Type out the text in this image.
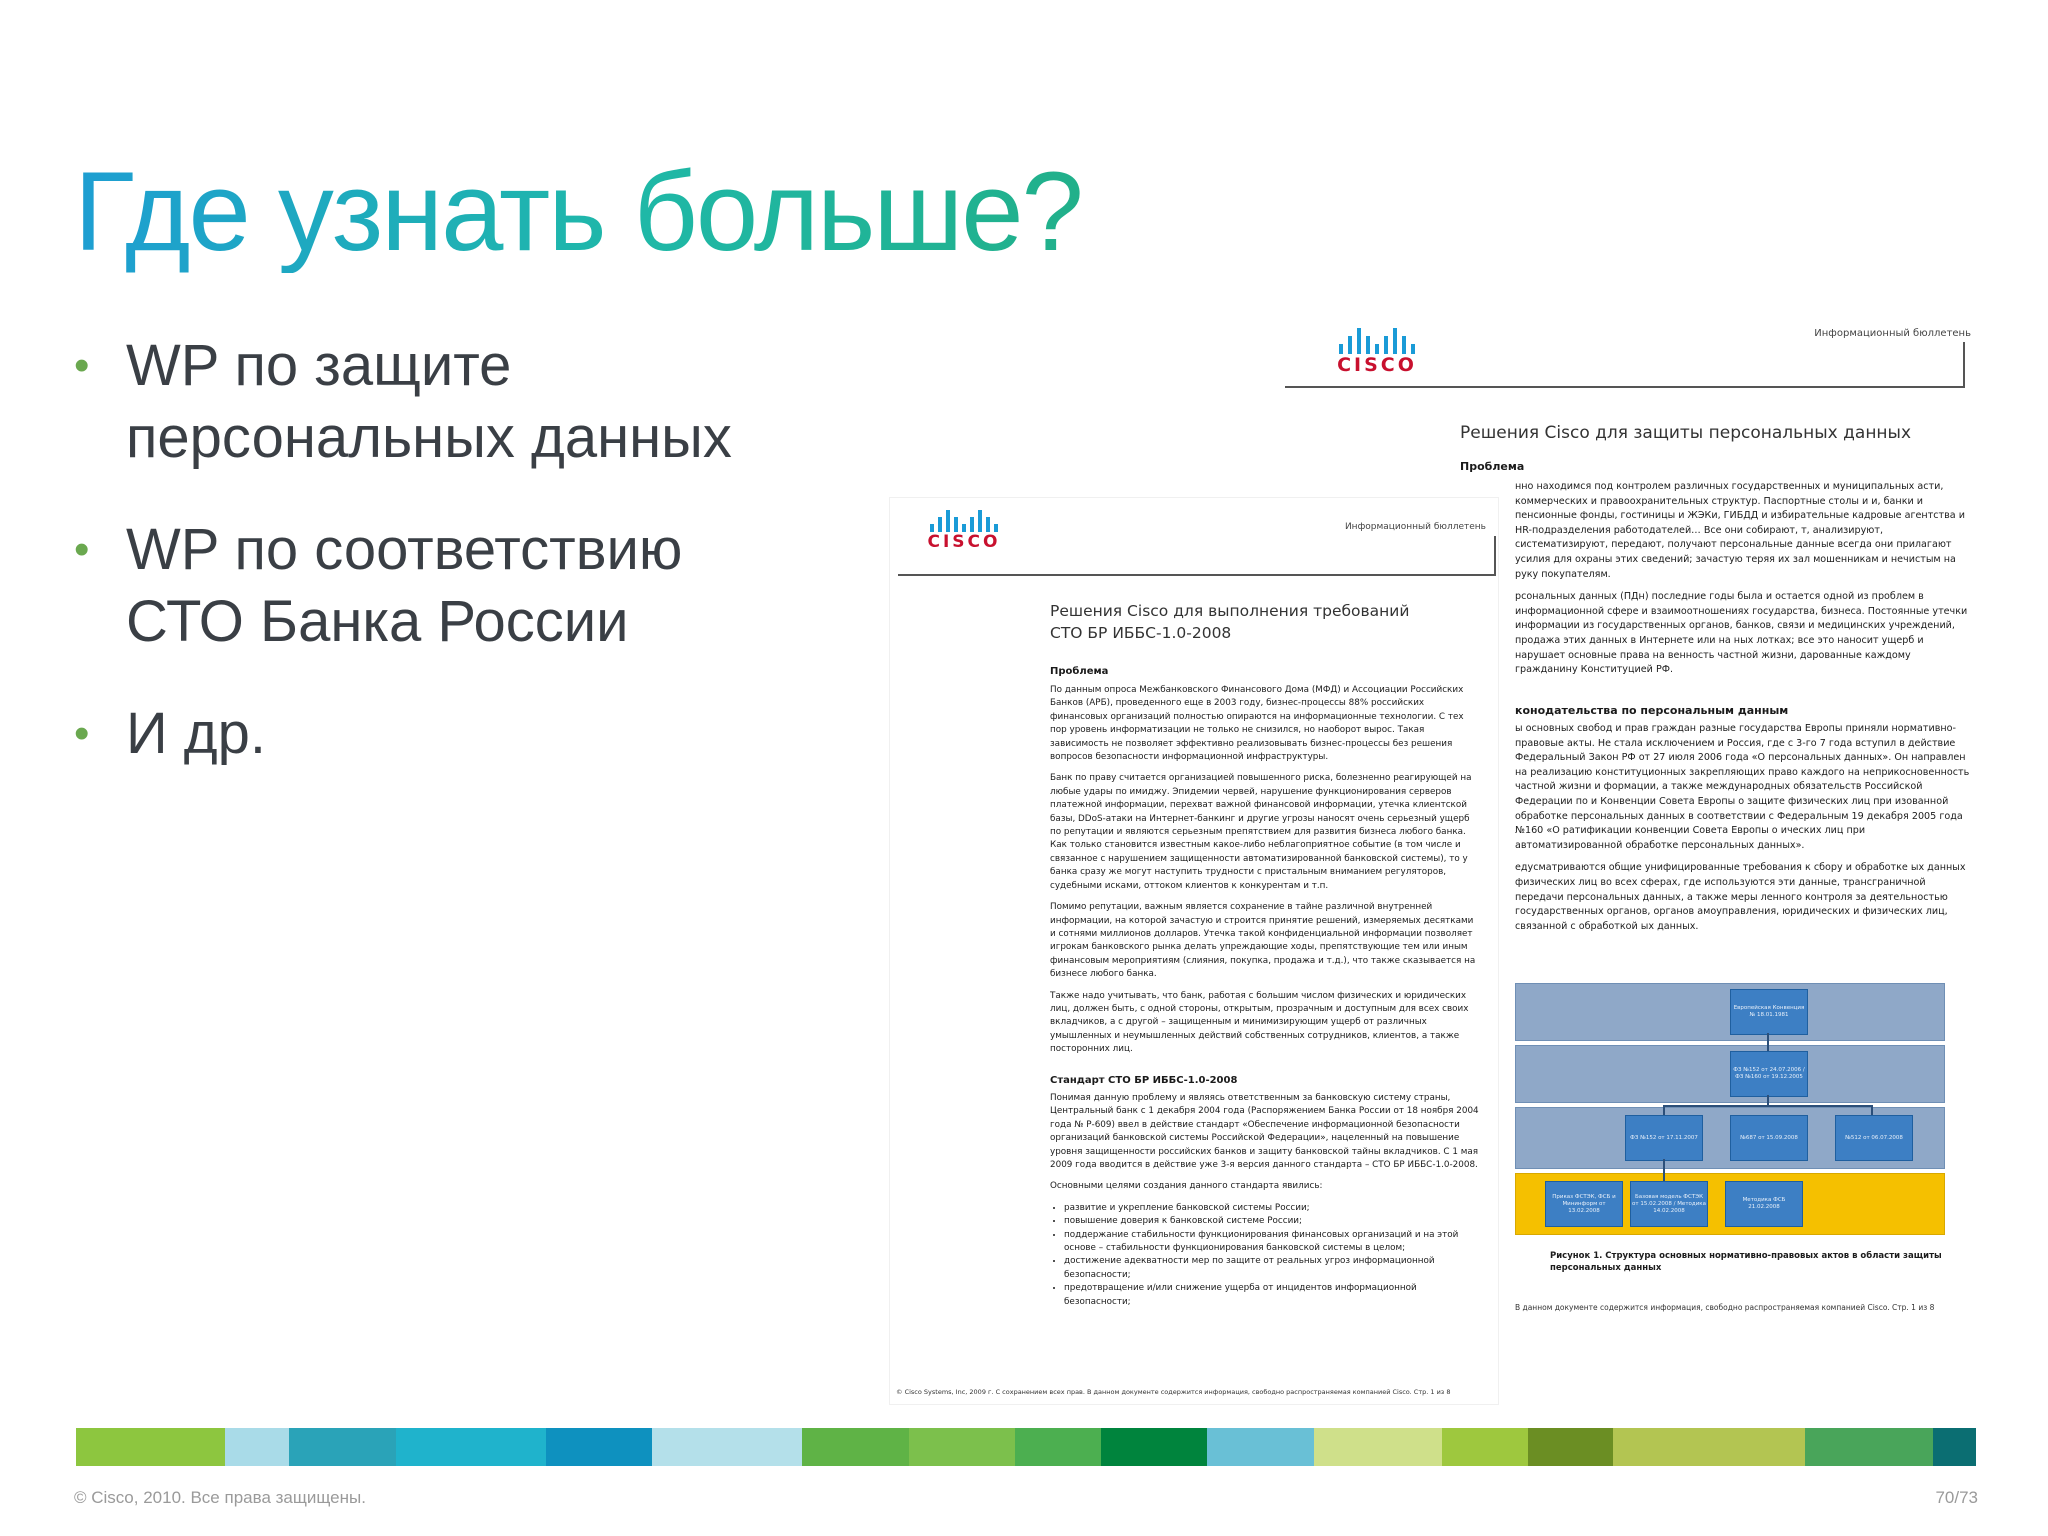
Где узнать больше?
• WP по защите
персональных данных
• WP по соответствию
СТО Банка России
• И др.
CISCO
Информационный бюллетень
Решения Cisco для защиты персональных данных
Проблема

нно находимся под контролем различных государственных и муниципальных асти, коммерческих и правоохранительных структур. Паспортные столы и и, банки и пенсионные фонды, гостиницы и ЖЭКи, ГИБДД и избирательные кадровые агентства и HR-подразделения работодателей… Все они собирают, т, анализируют, систематизируют, передают, получают персональные данные всегда они прилагают усилия для охраны этих сведений; зачастую теряя их зал мошенникам и нечистым на руку покупателям.

рсональных данных (ПДн) последние годы была и остается одной из проблем в информационной сфере и взаимоотношениях государства, бизнеса. Постоянные утечки информации из государственных органов, банков, связи и медицинских учреждений, продажа этих данных в Интернете или на ных лотках; все это наносит ущерб и нарушает основные права на венность частной жизни, дарованные каждому гражданину Конституцией РФ.

конодательства по персональным данным

ы основных свобод и прав граждан разные государства Европы приняли нормативно-правовые акты. Не стала исключением и Россия, где с 3-го 7 года вступил в действие Федеральный Закон РФ от 27 июля 2006 года «О персональных данных». Он направлен на реализацию конституционных закрепляющих право каждого на неприкосновенность частной жизни и формации, а также международных обязательств Российской Федерации по и Конвенции Совета Европы о защите физических лиц при изованной обработке персональных данных в соответствии с Федеральным 19 декабря 2005 года №160 «О ратификации конвенции Совета Европы о ических лиц при автоматизированной обработке персональных данных».

едусматриваются общие унифицированные требования к сбору и обработке ых данных физических лиц во всех сферах, где используются эти данные, трансграничной передачи персональных данных, а также меры ленного контроля за деятельностью государственных органов, органов амоуправления, юридических и физических лиц, связанной с обработкой ых данных.

Европейская Конвенция № 18.01.1981
ФЗ №152 от 24.07.2006 / ФЗ №160 от 19.12.2005
ФЗ №152 от 17.11.2007	№687 от 15.09.2008	№512 от 06.07.2008
Приказ ФСТЭК, ФСБ и Мининформ от 13.02.2008
Базовая модель ФСТЭК от 15.02.2008 / Методика 14.02.2008
Методика ФСБ 21.02.2008
Рисунок 1. Структура основных нормативно-правовых актов в области защиты персональных данных
В данном документе содержится информация, свободно распространяемая компанией Cisco. Стр. 1 из 8
CISCO
Информационный бюллетень
Решения Cisco для выполнения требований
СТО БР ИББС-1.0-2008
Проблема

По данным опроса Межбанковского Финансового Дома (МФД) и Ассоциации Российских Банков (АРБ), проведенного еще в 2003 году, бизнес-процессы 88% российских финансовых организаций полностью опираются на информационные технологии. С тех пор уровень информатизации не только не снизился, но наоборот вырос. Такая зависимость не позволяет эффективно реализовывать бизнес-процессы без решения вопросов безопасности информационной инфраструктуры.

Банк по праву считается организацией повышенного риска, болезненно реагирующей на любые удары по имиджу. Эпидемии червей, нарушение функционирования серверов платежной информации, перехват важной финансовой информации, утечка клиентской базы, DDoS-атаки на Интернет-банкинг и другие угрозы наносят очень серьезный ущерб по репутации и являются серьезным препятствием для развития бизнеса любого банка. Как только становится известным какое-либо неблагоприятное событие (в том числе и связанное с нарушением защищенности автоматизированной банковской системы), то у банка сразу же могут наступить трудности с пристальным вниманием регуляторов, судебными исками, оттоком клиентов к конкурентам и т.п.

Помимо репутации, важным является сохранение в тайне различной внутренней информации, на которой зачастую и строится принятие решений, измеряемых десятками и сотнями миллионов долларов. Утечка такой конфиденциальной информации позволяет игрокам банковского рынка делать упреждающие ходы, препятствующие тем или иным финансовым мероприятиям (слияния, покупка, продажа и т.д.), что также сказывается на бизнесе любого банка.

Также надо учитывать, что банк, работая с большим числом физических и юридических лиц, должен быть, с одной стороны, открытым, прозрачным и доступным для всех своих вкладчиков, а с другой – защищенным и минимизирующим ущерб от различных умышленных и неумышленных действий собственных сотрудников, клиентов, а также посторонних лиц.

Стандарт СТО БР ИББС-1.0-2008

Понимая данную проблему и являясь ответственным за банковскую систему страны, Центральный банк с 1 декабря 2004 года (Распоряжением Банка России от 18 ноября 2004 года № Р-609) ввел в действие стандарт «Обеспечение информационной безопасности организаций банковской системы Российской Федерации», нацеленный на повышение уровня защищенности российских банков и защиту банковской тайны вкладчиков. С 1 мая 2009 года вводится в действие уже 3-я версия данного стандарта – СТО БР ИББС-1.0-2008.

Основными целями создания данного стандарта явились:

• развитие и укрепление банковской системы России;
• повышение доверия к банковской системе России;
• поддержание стабильности функционирования финансовых организаций и на этой основе – стабильности функционирования банковской системы в целом;
• достижение адекватности мер по защите от реальных угроз информационной безопасности;
• предотвращение и/или снижение ущерба от инцидентов информационной безопасности;
© Cisco Systems, Inc, 2009 г. С сохранением всех прав. В данном документе содержится информация, свободно распространяемая компанией Cisco. Стр. 1 из 8
© Cisco, 2010. Все права защищены.	70/73
